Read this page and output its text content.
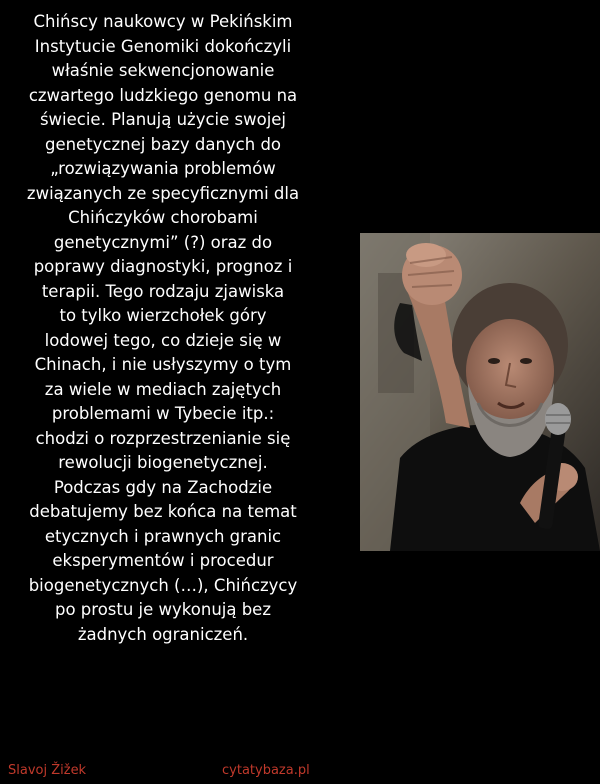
Chińscy naukowcy w Pekińskim
Instytucie Genomiki dokończyli
właśnie sekwencjonowanie
czwartego ludzkiego genomu na
świecie. Planują użycie swojej
genetycznej bazy danych do
„rozwiązywania problemów
związanych ze specyficznymi dla
Chińczyków chorobami
genetycznymi” (?) oraz do
poprawy diagnostyki, prognoz i
terapii. Tego rodzaju zjawiska
to tylko wierzchołek góry
lodowej tego, co dzieje się w
Chinach, i nie usłyszymy o tym
za wiele w mediach zajętych
problemami w Tybecie itp.:
chodzi o rozprzestrzenianie się
rewolucji biogenetycznej.
Podczas gdy na Zachodzie
debatujemy bez końca na temat
etycznych i prawnych granic
eksperymentów i procedur
biogenetycznych (…), Chińczycy
po prostu je wykonują bez
żadnych ograniczeń.
Slavoj Žižek	cytatybaza.pl
